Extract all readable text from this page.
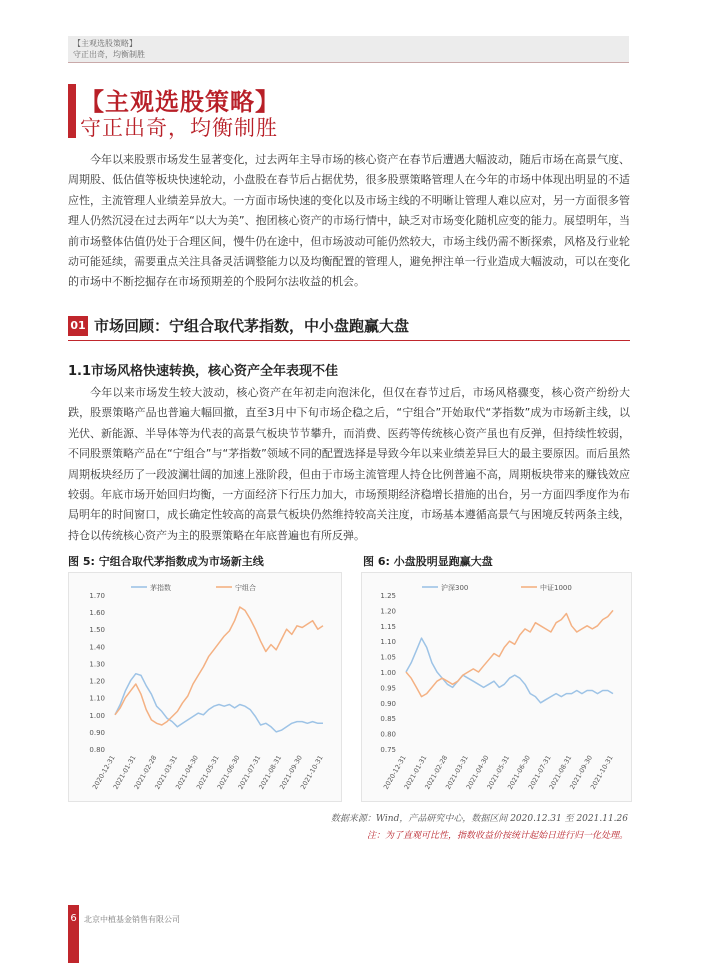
【主观选股策略】
守正出奇，均衡制胜
【主观选股策略】
守正出奇，均衡制胜

今年以来股票市场发生显著变化，过去两年主导市场的核心资产在春节后遭遇大幅波动，随后市场在高景气度、周期股、低估值等板块快速轮动，小盘股在春节后占据优势，很多股票策略管理人在今年的市场中体现出明显的不适应性，主流管理人业绩差异放大。一方面市场快速的变化以及市场主线的不明晰让管理人难以应对，另一方面很多管理人仍然沉浸在过去两年“以大为美”、抱团核心资产的市场行情中，缺乏对市场变化随机应变的能力。展望明年，当前市场整体估值仍处于合理区间，慢牛仍在途中，但市场波动可能仍然较大，市场主线仍需不断探索，风格及行业轮动可能延续，需要重点关注具备灵活调整能力以及均衡配置的管理人，避免押注单一行业造成大幅波动，可以在变化的市场中不断挖掘存在市场预期差的个股阿尔法收益的机会。

01 市场回顾：宁组合取代茅指数，中小盘跑赢大盘
1.1市场风格快速转换，核心资产全年表现不佳

今年以来市场发生较大波动，核心资产在年初走向泡沫化，但仅在春节过后，市场风格骤变，核心资产纷纷大跌，股票策略产品也普遍大幅回撤，直至3月中下旬市场企稳之后，“宁组合”开始取代“茅指数”成为市场新主线，以光伏、新能源、半导体等为代表的高景气板块节节攀升，而消费、医药等传统核心资产虽也有反弹，但持续性较弱，不同股票策略产品在“宁组合”与“茅指数”领域不同的配置选择是导致今年以来业绩差异巨大的最主要原因。而后虽然周期板块经历了一段波澜壮阔的加速上涨阶段，但由于市场主流管理人持仓比例普遍不高，周期板块带来的赚钱效应较弱。年底市场开始回归均衡，一方面经济下行压力加大，市场预期经济稳增长措施的出台，另一方面四季度作为布局明年的时间窗口，成长确定性较高的高景气板块仍然维持较高关注度，市场基本遵循高景气与困境反转两条主线，持仓以传统核心资产为主的股票策略在年底普遍也有所反弹。

图 5: 宁组合取代茅指数成为市场新主线	图 6: 小盘股明显跑赢大盘
0.80
0.90
1.00
1.10
1.20
1.30
1.40
1.50
1.60
1.70
2020-12-31
2021-01-31
2021-02-28
2021-03-31
2021-04-30
2021-05-31
2021-06-30
2021-07-31
2021-08-31
2021-09-30
2021-10-31
茅指数	宁组合
0.75
0.80
0.85
0.90
0.95
1.00
1.05
1.10
1.15
1.20
1.25
2020-12-31
2021-01-31
2021-02-28
2021-03-31
2021-04-30
2021-05-31
2021-06-30
2021-07-31
2021-08-31
2021-09-30
2021-10-31
沪深300	中证1000
数据来源：Wind，产品研究中心，数据区间 2020.12.31 至 2021.11.26
注：为了直观可比性，指数收益价按统计起始日进行归一化处理。
6 北京中植基金销售有限公司
